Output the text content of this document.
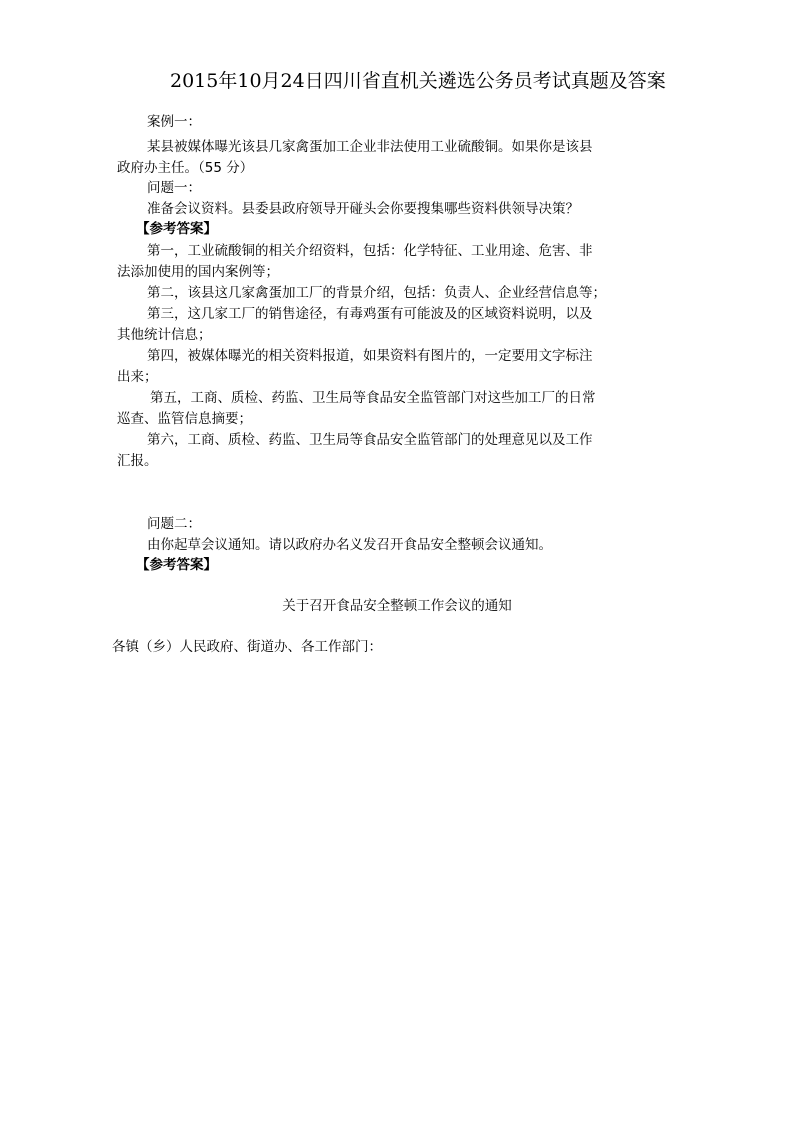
2015年10月24日四川省直机关遴选公务员考试真题及答案
案例一：
某县被媒体曝光该县几家禽蛋加工企业非法使用工业硫酸铜。如果你是该县
政府办主任。（55 分）
问题一：
准备会议资料。县委县政府领导开碰头会你要搜集哪些资料供领导决策？
【参考答案】
第一，工业硫酸铜的相关介绍资料，包括：化学特征、工业用途、危害、非
法添加使用的国内案例等；
第二，该县这几家禽蛋加工厂的背景介绍，包括：负责人、企业经营信息等；
第三，这几家工厂的销售途径，有毒鸡蛋有可能波及的区域资料说明，以及
其他统计信息；
第四，被媒体曝光的相关资料报道，如果资料有图片的，一定要用文字标注
出来；
第五，工商、质检、药监、卫生局等食品安全监管部门对这些加工厂的日常
巡查、监管信息摘要；
第六，工商、质检、药监、卫生局等食品安全监管部门的处理意见以及工作
汇报。
问题二：
由你起草会议通知。请以政府办名义发召开食品安全整顿会议通知。
【参考答案】
关于召开食品安全整顿工作会议的通知
各镇（乡）人民政府、街道办、各工作部门：
